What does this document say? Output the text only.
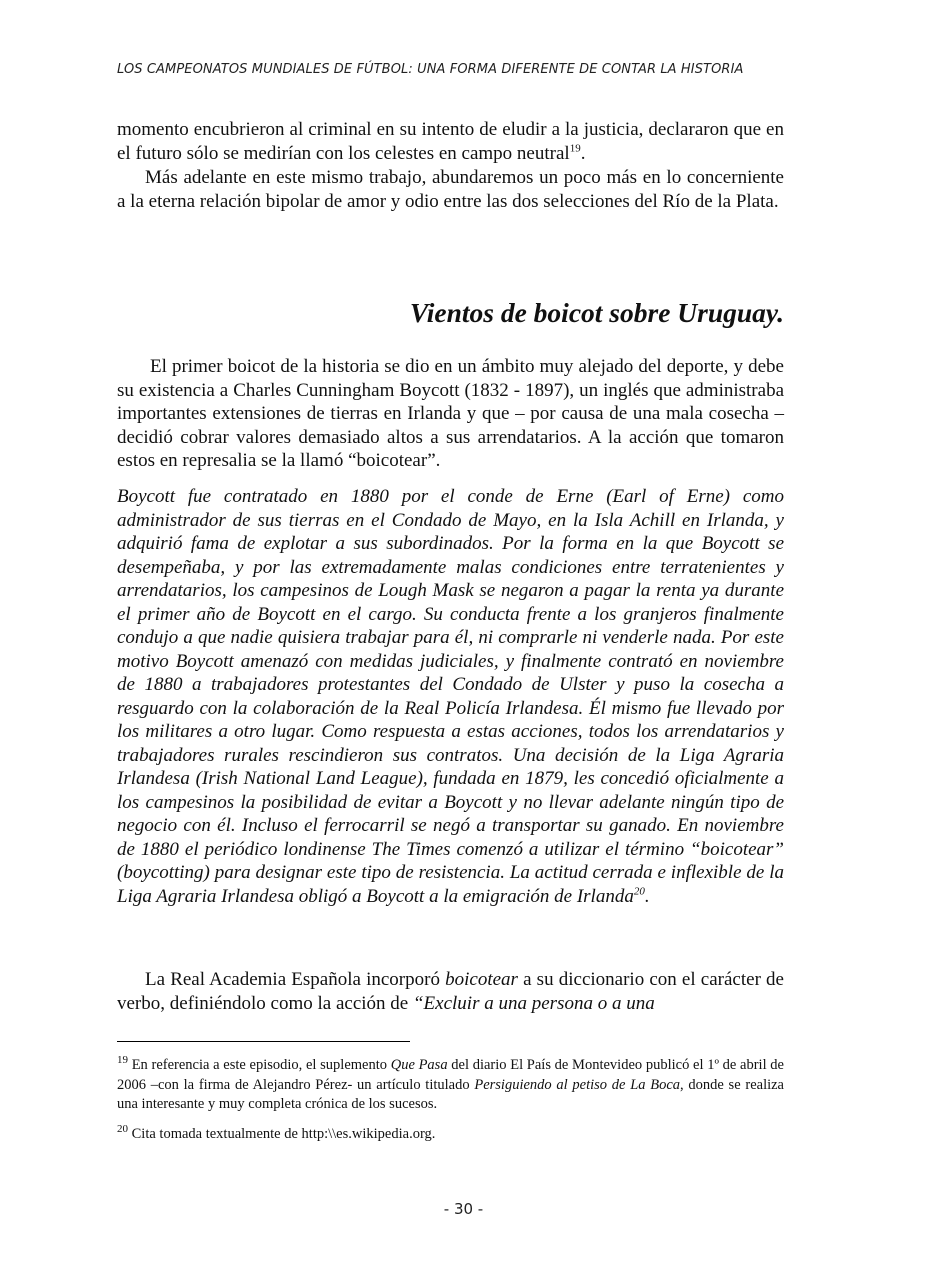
LOS CAMPEONATOS MUNDIALES DE FÚTBOL: UNA FORMA DIFERENTE DE CONTAR LA HISTORIA

momento encubrieron al criminal en su intento de eludir a la justicia, declararon que en el futuro sólo se medirían con los celestes en campo neutral$^{19}$.

Más adelante en este mismo trabajo, abundaremos un poco más en lo concerniente a la eterna relación bipolar de amor y odio entre las dos selecciones del Río de la Plata.

Vientos de boicot sobre Uruguay.

El primer boicot de la historia se dio en un ámbito muy alejado del deporte, y debe su existencia a Charles Cunningham Boycott (1832 - 1897), un inglés que administraba importantes extensiones de tierras en Irlanda y que – por causa de una mala cosecha – decidió cobrar valores demasiado altos a sus arrendatarios. A la acción que tomaron estos en represalia se la llamó “boicotear”.

Boycott fue contratado en 1880 por el conde de Erne (Earl of Erne) como administrador de sus tierras en el Condado de Mayo, en la Isla Achill en Irlanda, y adquirió fama de explotar a sus subordinados. Por la forma en la que Boycott se desempeñaba, y por las extremadamente malas condiciones entre terratenientes y arrendatarios, los campesinos de Lough Mask se negaron a pagar la renta ya durante el primer año de Boycott en el cargo. Su conducta frente a los granjeros finalmente condujo a que nadie quisiera trabajar para él, ni comprarle ni venderle nada. Por este motivo Boycott amenazó con medidas judiciales, y finalmente contrató en noviembre de 1880 a trabajadores protestantes del Condado de Ulster y puso la cosecha a resguardo con la colaboración de la Real Policía Irlandesa. Él mismo fue llevado por los militares a otro lugar. Como respuesta a estas acciones, todos los arrendatarios y trabajadores rurales rescindieron sus contratos. Una decisión de la Liga Agraria Irlandesa (Irish National Land League), fundada en 1879, les concedió oficialmente a los campesinos la posibilidad de evitar a Boycott y no llevar adelante ningún tipo de negocio con él. Incluso el ferrocarril se negó a transportar su ganado. En noviembre de 1880 el periódico londinense The Times comenzó a utilizar el término “boicotear” (boycotting) para designar este tipo de resistencia. La actitud cerrada e inflexible de la Liga Agraria Irlandesa obligó a Boycott a la emigración de Irlanda$^{20}$.

La Real Academia Española incorporó boicotear a su diccionario con el carácter de verbo, definiéndolo como la acción de “Excluir a una persona o a una

$^{19}$ En referencia a este episodio, el suplemento Que Pasa del diario El País de Montevideo publicó el 1º de abril de 2006 –con la firma de Alejandro Pérez- un artículo titulado Persiguiendo al petiso de La Boca, donde se realiza una interesante y muy completa crónica de los sucesos.

$^{20}$ Cita tomada textualmente de http:\\es.wikipedia.org.

- 30 -
